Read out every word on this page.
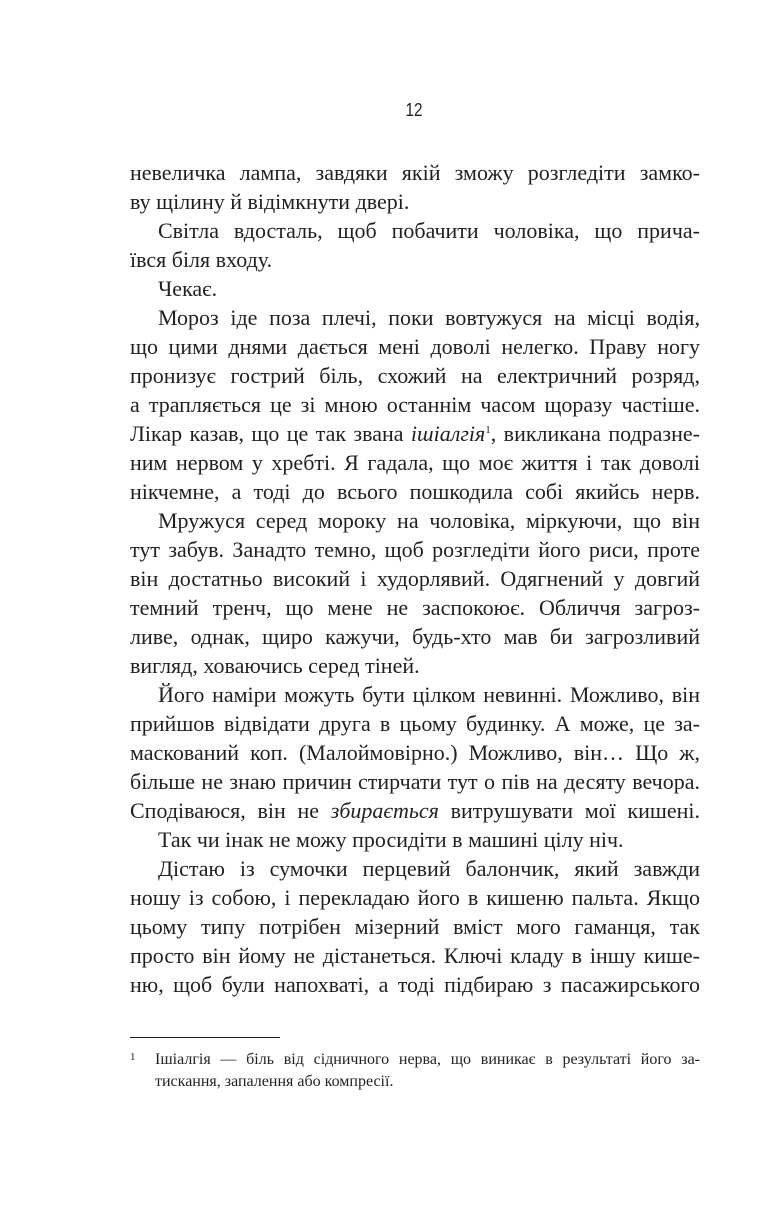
12
невеличка лампа, завдяки якій зможу розгледіти замко-
ву щілину й відімкнути двері.
Світла вдосталь, щоб побачити чоловіка, що прича-
ївся біля входу.
Чекає.
Мороз іде поза плечі, поки вовтужуся на місці водія,
що цими днями дається мені доволі нелегко. Праву ногу
пронизує гострий біль, схожий на електричний розряд,
а трапляється це зі мною останнім часом щоразу частіше.
Лікар казав, що це так звана ішіалгія$^1$, викликана подразне-
ним нервом у хребті. Я гадала, що моє життя і так доволі
нікчемне, а тоді до всього пошкодила собі якийсь нерв.
Мружуся серед мороку на чоловіка, міркуючи, що він
тут забув. Занадто темно, щоб розгледіти його риси, проте
він достатньо високий і худорлявий. Одягнений у довгий
темний тренч, що мене не заспокоює. Обличчя загроз-
ливе, однак, щиро кажучи, будь-хто мав би загрозливий
вигляд, ховаючись серед тіней.
Його наміри можуть бути цілком невинні. Можливо, він
прийшов відвідати друга в цьому будинку. А може, це за-
маскований коп. (Малоймовірно.) Можливо, він… Що ж,
більше не знаю причин стирчати тут о пів на десяту вечора.
Сподіваюся, він не збирається витрушувати мої кишені.
Так чи інак не можу просидіти в машині цілу ніч.
Дістаю із сумочки перцевий балончик, який завжди
ношу із собою, і перекладаю його в кишеню пальта. Якщо
цьому типу потрібен мізерний вміст мого гаманця, так
просто він йому не дістанеться. Ключі кладу в іншу кише-
ню, щоб були напохваті, а тоді підбираю з пасажирського
1 Ішіалгія — біль від сідничного нерва, що виникає в результаті його за-
тискання, запалення або компресії.
